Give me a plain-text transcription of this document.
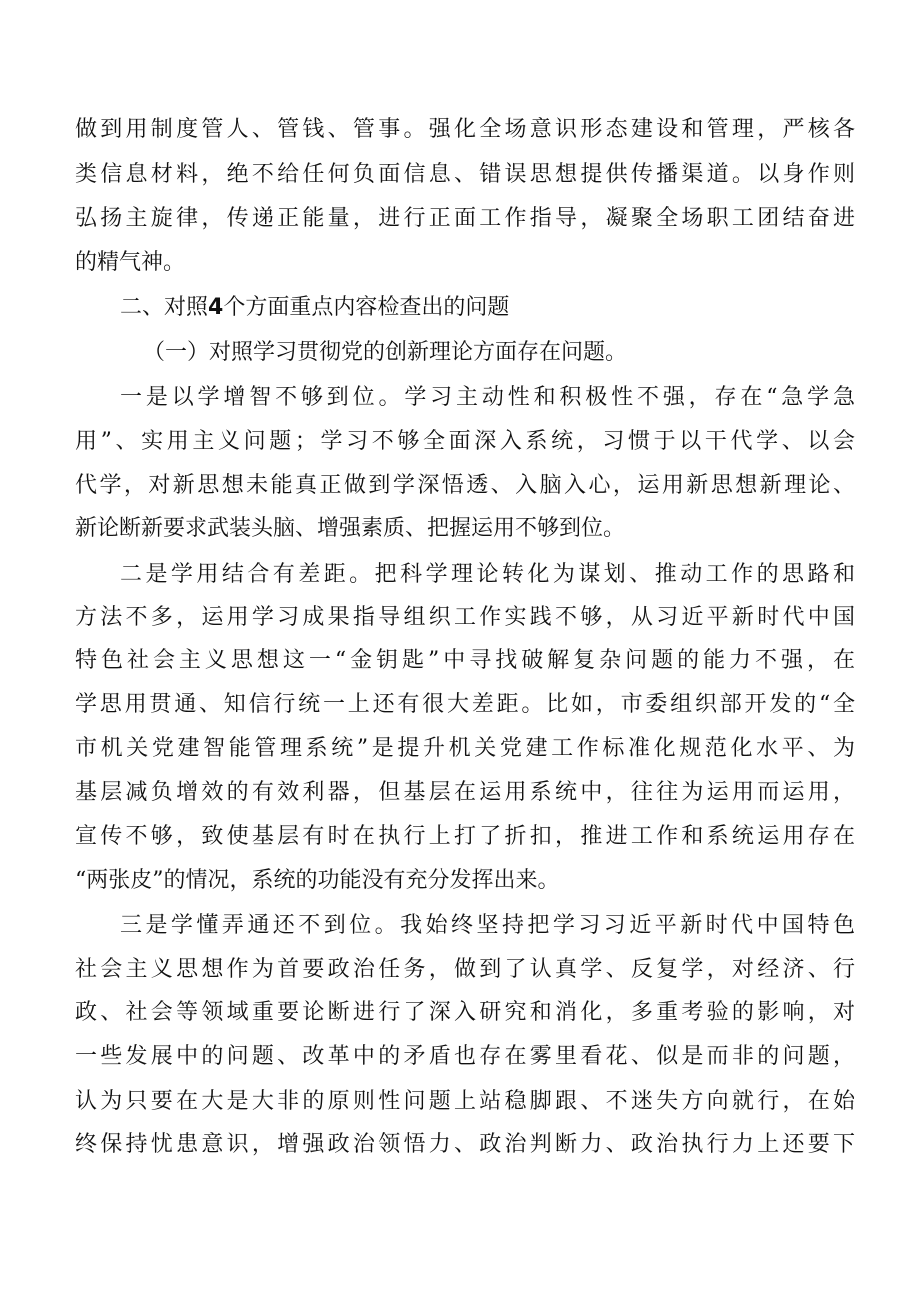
做到用制度管人、管钱、管事。强化全场意识形态建设和管理，严核各
类信息材料，绝不给任何负面信息、错误思想提供传播渠道。以身作则
弘扬主旋律，传递正能量，进行正面工作指导，凝聚全场职工团结奋进
的精气神。
二、对照4个方面重点内容检查出的问题
（一）对照学习贯彻党的创新理论方面存在问题。
一是以学增智不够到位。学习主动性和积极性不强，存在“急学急
用”、实用主义问题；学习不够全面深入系统，习惯于以干代学、以会
代学，对新思想未能真正做到学深悟透、入脑入心，运用新思想新理论、
新论断新要求武装头脑、增强素质、把握运用不够到位。
二是学用结合有差距。把科学理论转化为谋划、推动工作的思路和
方法不多，运用学习成果指导组织工作实践不够，从习近平新时代中国
特色社会主义思想这一“金钥匙”中寻找破解复杂问题的能力不强，在
学思用贯通、知信行统一上还有很大差距。比如，市委组织部开发的“全
市机关党建智能管理系统”是提升机关党建工作标准化规范化水平、为
基层减负增效的有效利器，但基层在运用系统中，往往为运用而运用，
宣传不够，致使基层有时在执行上打了折扣，推进工作和系统运用存在
“两张皮”的情况，系统的功能没有充分发挥出来。
三是学懂弄通还不到位。我始终坚持把学习习近平新时代中国特色
社会主义思想作为首要政治任务，做到了认真学、反复学，对经济、行
政、社会等领域重要论断进行了深入研究和消化，多重考验的影响，对
一些发展中的问题、改革中的矛盾也存在雾里看花、似是而非的问题，
认为只要在大是大非的原则性问题上站稳脚跟、不迷失方向就行，在始
终保持忧患意识，增强政治领悟力、政治判断力、政治执行力上还要下
